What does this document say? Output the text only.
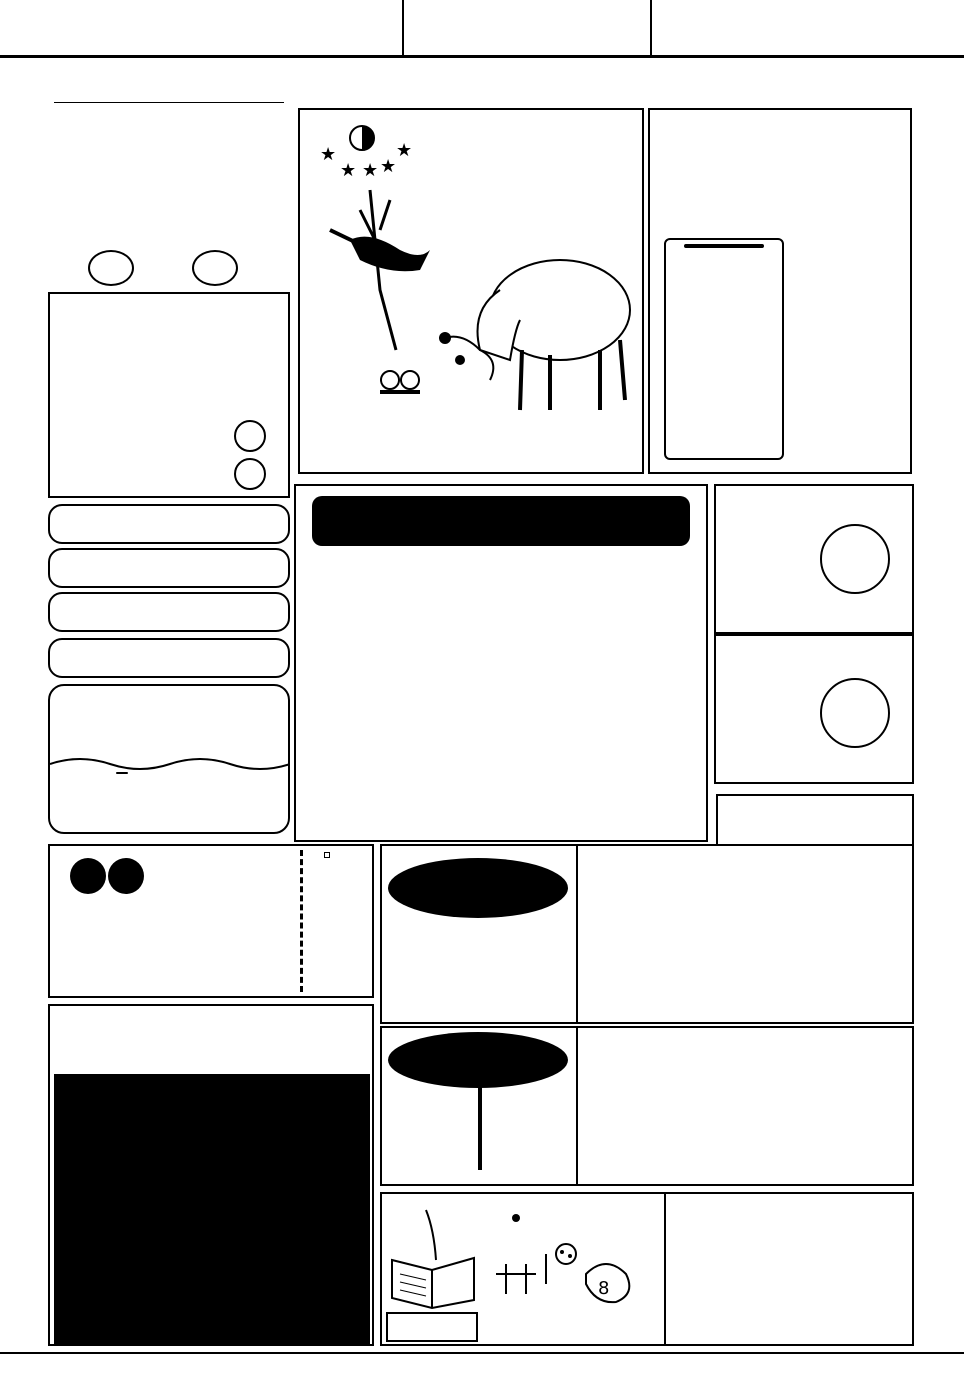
★
★ ★ ★
★
8
